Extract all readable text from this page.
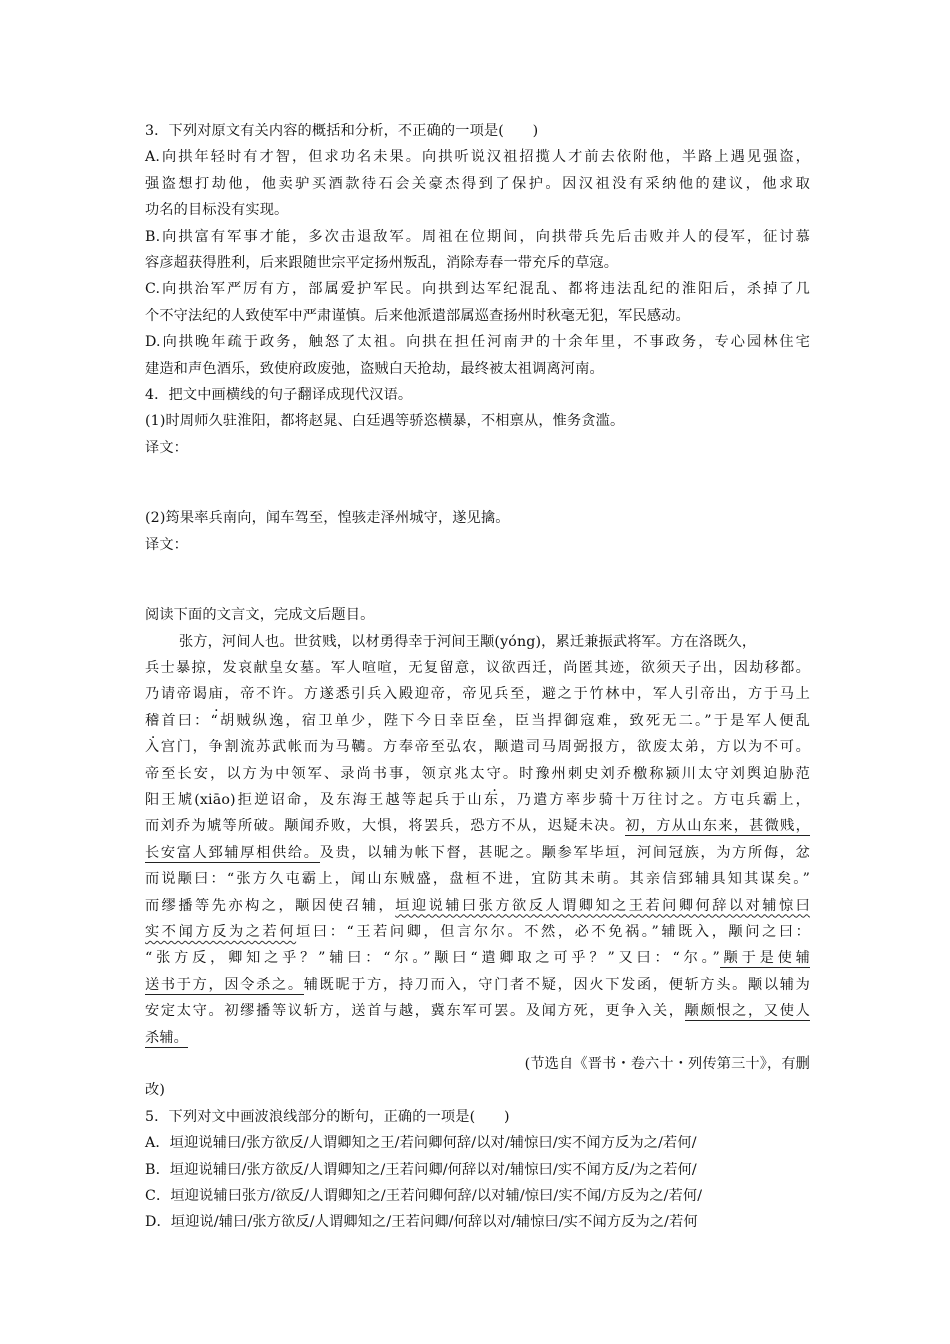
3．下列对原文有关内容的概括和分析，不正确的一项是(　　)
A.向拱年轻时有才智，但求功名未果。向拱听说汉祖招揽人才前去依附他，半路上遇见强盗，
强盗想打劫他，他卖驴买酒款待石会关豪杰得到了保护。因汉祖没有采纳他的建议，他求取
功名的目标没有实现。
B.向拱富有军事才能，多次击退敌军。周祖在位期间，向拱带兵先后击败并人的侵军，征讨慕
容彦超获得胜利，后来跟随世宗平定扬州叛乱，消除寿春一带充斥的草寇。
C.向拱治军严厉有方，部属爱护军民。向拱到达军纪混乱、都将违法乱纪的淮阳后，杀掉了几
个不守法纪的人致使军中严肃谨慎。后来他派遣部属巡查扬州时秋毫无犯，军民感动。
D.向拱晚年疏于政务，触怒了太祖。向拱在担任河南尹的十余年里，不事政务，专心园林住宅
建造和声色酒乐，致使府政废弛，盗贼白天抢劫，最终被太祖调离河南。
4．把文中画横线的句子翻译成现代汉语。
(1)时周师久驻淮阳，都将赵晁、白廷遇等骄恣横暴，不相禀从，惟务贪滥。
译文：
(2)筠果率兵南向，闻车驾至，惶骇走泽州城守，遂见擒。
译文：
阅读下面的文言文，完成文后题目。
张方，河间人也。世贫贱，以材勇得幸于河间王颙(yóng)，累迁兼振武将军。方在洛既久，
兵士暴掠，发哀献皇女墓。军人喧喧，无复留意，议欲西迁，尚匿其迹，欲须天子出，因劫移都。
乃请帝谒庙，帝不许。方遂悉引兵入殿迎帝，帝见兵至，避之于竹林中，军人引帝出，方于马上
稽首曰：“胡贼纵逸，宿卫单少，陛下今日幸臣垒，臣当捍御寇难，致死无二。”于是军人便乱
入宫门，争割流苏武帐而为马韀。方奉帝至弘农，颙遣司马周弼报方，欲废太弟，方以为不可。
帝至长安，以方为中领军、录尚书事，领京兆太守。时豫州刺史刘乔檄称颍川太守刘舆迫胁范
阳王虓(xiāo)拒逆诏命，及东海王越等起兵于山东，乃遣方率步骑十万往讨之。方屯兵霸上，
而刘乔为虓等所破。颙闻乔败，大惧，将罢兵，恐方不从，迟疑未决。初，方从山东来，甚微贱，
长安富人郅辅厚相供给。及贵，以辅为帐下督，甚昵之。颙参军毕垣，河间冠族，为方所侮，忿
而说颙曰：“张方久屯霸上，闻山东贼盛，盘桓不进，宜防其未萌。其亲信郅辅具知其谋矣。”
而缪播等先亦构之，颙因使召辅，垣迎说辅曰张方欲反人谓卿知之王若问卿何辞以对辅惊曰
实不闻方反为之若何垣曰：“王若问卿，但言尔尔。不然，必不免祸。”辅既入，颙问之曰：
“张方反，卿知之乎？”辅曰：“尔。”颙曰“遣卿取之可乎？”又曰：“尔。”颙于是使辅
送书于方，因令杀之。辅既昵于方，持刀而入，守门者不疑，因火下发函，便斩方头。颙以辅为
安定太守。初缪播等议斩方，送首与越，冀东军可罢。及闻方死，更争入关，颙颇恨之，又使人
杀辅。
(节选自《晋书・卷六十・列传第三十》，有删
改)
5．下列对文中画波浪线部分的断句，正确的一项是(　　)
A．垣迎说辅曰/张方欲反/人谓卿知之王/若问卿何辞/以对/辅惊曰/实不闻方反为之/若何/
B．垣迎说辅曰/张方欲反/人谓卿知之/王若问卿/何辞以对/辅惊曰/实不闻方反/为之若何/
C．垣迎说辅曰张方/欲反/人谓卿知之/王若问卿何辞/以对辅/惊曰/实不闻/方反为之/若何/
D．垣迎说/辅曰/张方欲反/人谓卿知之/王若问卿/何辞以对/辅惊曰/实不闻方反为之/若何
